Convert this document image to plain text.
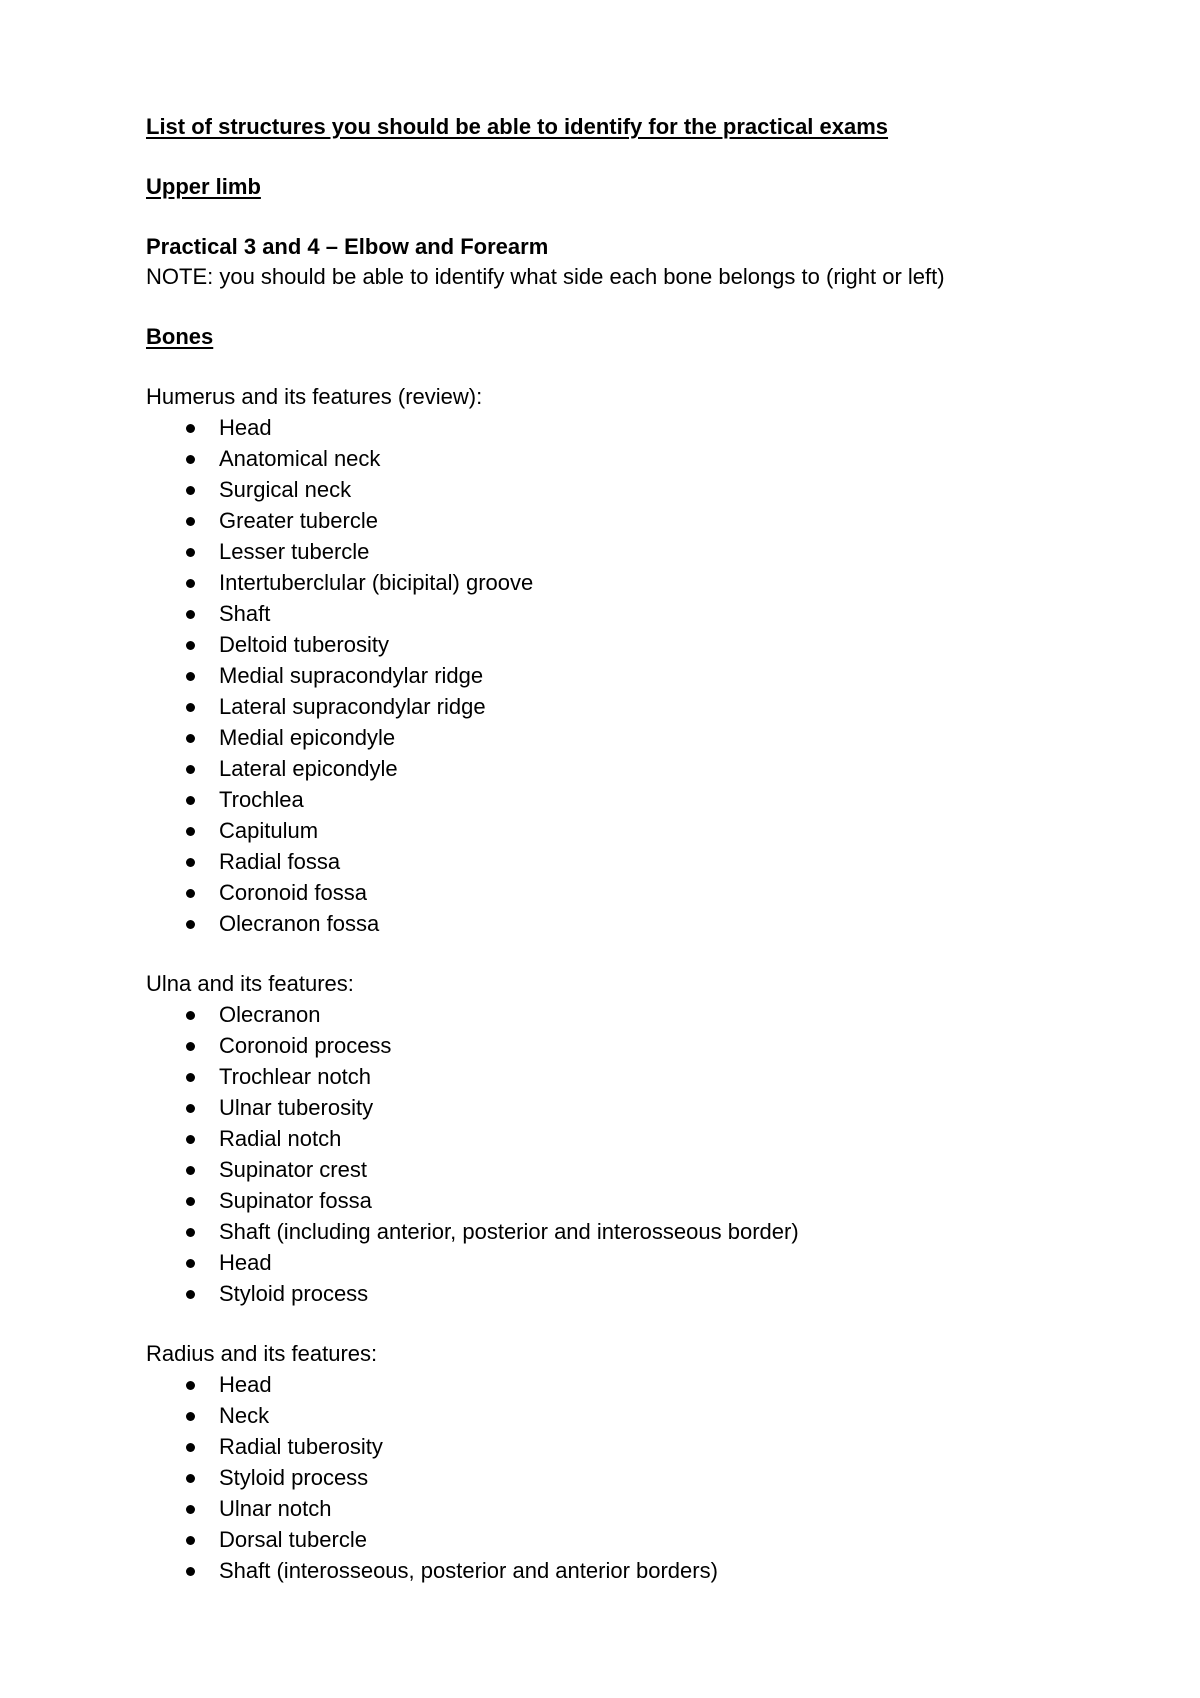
List of structures you should be able to identify for the practical exams
Upper limb
Practical 3 and 4 – Elbow and Forearm
NOTE: you should be able to identify what side each bone belongs to (right or left)
Bones
Humerus and its features (review):
Head
Anatomical neck
Surgical neck
Greater tubercle
Lesser tubercle
Intertuberclular (bicipital) groove
Shaft
Deltoid tuberosity
Medial supracondylar ridge
Lateral supracondylar ridge
Medial epicondyle
Lateral epicondyle
Trochlea
Capitulum
Radial fossa
Coronoid fossa
Olecranon fossa
Ulna and its features:
Olecranon
Coronoid process
Trochlear notch
Ulnar tuberosity
Radial notch
Supinator crest
Supinator fossa
Shaft (including anterior, posterior and interosseous border)
Head
Styloid process
Radius and its features:
Head
Neck
Radial tuberosity
Styloid process
Ulnar notch
Dorsal tubercle
Shaft (interosseous, posterior and anterior borders)
